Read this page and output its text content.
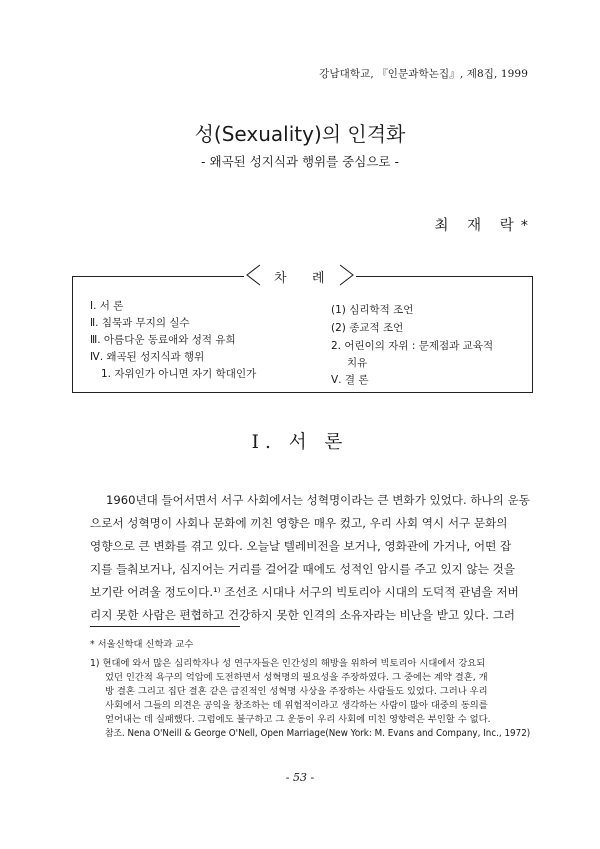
강남대학교, 『인문과학논집』, 제8집, 1999
성(Sexuality)의 인격화
- 왜곡된 성지식과 행위를 중심으로 -
최 재 락*
차 례
Ⅰ. 서 론
Ⅱ. 침묵과 무지의 실수
Ⅲ. 아름다운 동료애와 성적 유희
Ⅳ. 왜곡된 성지식과 행위
1. 자위인가 아니면 자기 학대인가
(1) 심리학적 조언
(2) 종교적 조언
2. 어린이의 자위 : 문제점과 교육적
치유
Ⅴ. 결 론
Ⅰ. 서 론
1960년대 들어서면서 서구 사회에서는 성혁명이라는 큰 변화가 있었다. 하나의 운동
으로서 성혁명이 사회나 문화에 끼친 영향은 매우 컸고, 우리 사회 역시 서구 문화의
영향으로 큰 변화를 겪고 있다. 오늘날 텔레비전을 보거나, 영화관에 가거나, 어떤 잡
지를 들춰보거나, 심지어는 거리를 걸어갈 때에도 성적인 암시를 주고 있지 않는 것을
보기란 어려울 정도이다.¹⁾ 조선조 시대나 서구의 빅토리아 시대의 도덕적 관념을 저버
리지 못한 사람은 편협하고 건강하지 못한 인격의 소유자라는 비난을 받고 있다. 그러
* 서울신학대 신학과 교수
1) 현대에 와서 많은 심리학자나 성 연구자들은 인간성의 해방을 위하여 빅토리아 시대에서 강요되
었던 인간적 욕구의 억압에 도전하면서 성혁명의 필요성을 주장하였다. 그 중에는 계약 결혼, 개
방 결혼 그리고 집단 결혼 같은 급진적인 성혁명 사상을 주장하는 사람들도 있었다. 그러나 우리
사회에서 그들의 의견은 공익을 창조하는 데 위험적이라고 생각하는 사람이 많아 대중의 동의를
얻어내는 데 실패했다. 그럼에도 불구하고 그 운동이 우리 사회에 미친 영향력은 부인할 수 없다.
참조. Nena O'Neill & George O'Nell, Open Marriage(New York: M. Evans and Company, Inc., 1972)
- 53 -
